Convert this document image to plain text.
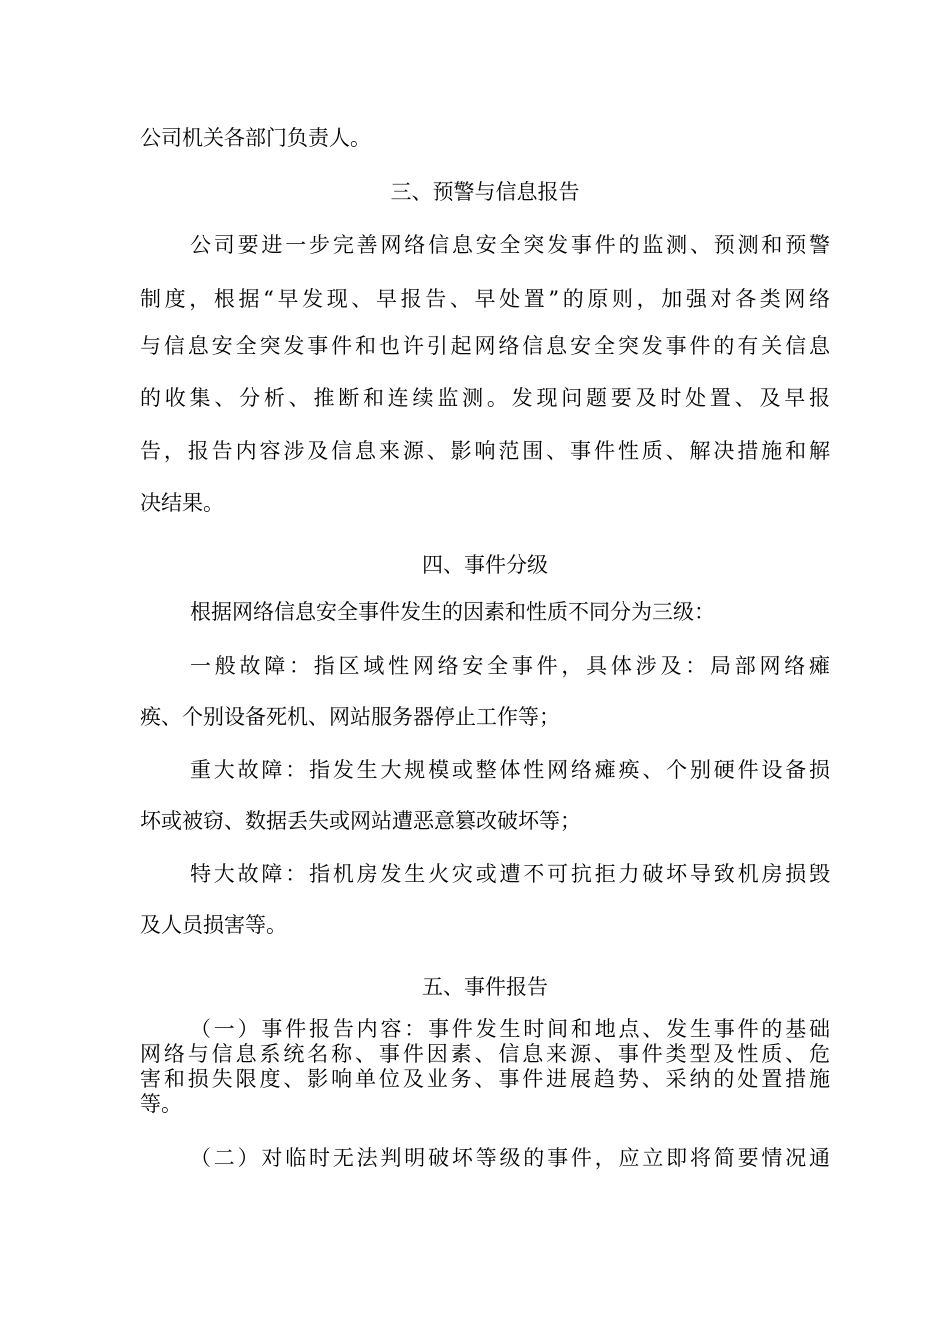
公司机关各部门负责人。
三、预警与信息报告
公司要进一步完善网络信息安全突发事件的监测、预测和预警
制度，根据“早发现、早报告、早处置”的原则，加强对各类网络
与信息安全突发事件和也许引起网络信息安全突发事件的有关信息
的收集、分析、推断和连续监测。发现问题要及时处置、及早报
告，报告内容涉及信息来源、影响范围、事件性质、解决措施和解
决结果。
四、事件分级
根据网络信息安全事件发生的因素和性质不同分为三级：
一般故障：指区域性网络安全事件，具体涉及：局部网络瘫
痪、个别设备死机、网站服务器停止工作等；
重大故障：指发生大规模或整体性网络瘫痪、个别硬件设备损
坏或被窃、数据丢失或网站遭恶意篡改破坏等；
特大故障：指机房发生火灾或遭不可抗拒力破坏导致机房损毁
及人员损害等。
五、事件报告
（一）事件报告内容：事件发生时间和地点、发生事件的基础
网络与信息系统名称、事件因素、信息来源、事件类型及性质、危
害和损失限度、影响单位及业务、事件进展趋势、采纳的处置措施
等。
（二）对临时无法判明破坏等级的事件，应立即将简要情况通
